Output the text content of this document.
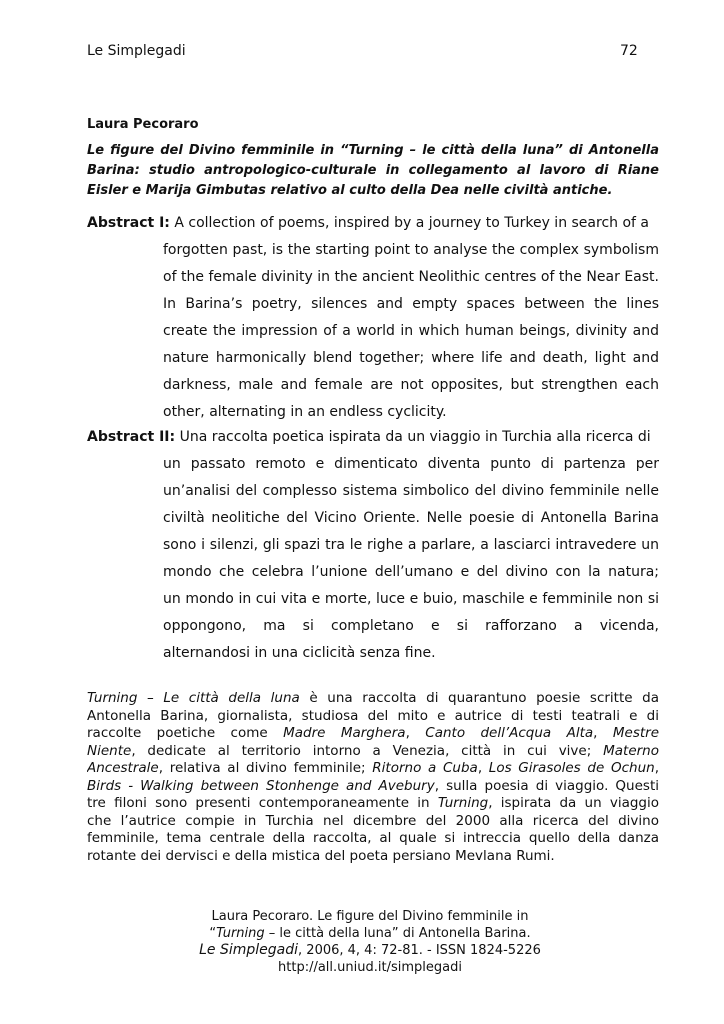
Le Simplegadi	72
Laura Pecoraro
Le figure del Divino femminile in “Turning – le città della luna” di Antonella Barina: studio antropologico-culturale in collegamento al lavoro di Riane Eisler e Marija Gimbutas relativo al culto della Dea nelle civiltà antiche.
Abstract I: A collection of poems, inspired by a journey to Turkey in search of a
forgotten past, is the starting point to analyse the complex symbolism
of the female divinity in the ancient Neolithic centres of the Near East.
In Barina’s poetry, silences and empty spaces between the lines
create the impression of a world in which human beings, divinity and
nature harmonically blend together; where life and death, light and
darkness, male and female are not opposites, but strengthen each
other, alternating in an endless cyclicity.
Abstract II: Una raccolta poetica ispirata da un viaggio in Turchia alla ricerca di
un passato remoto e dimenticato diventa punto di partenza per
un’analisi del complesso sistema simbolico del divino femminile nelle
civiltà neolitiche del Vicino Oriente. Nelle poesie di Antonella Barina
sono i silenzi, gli spazi tra le righe a parlare, a lasciarci intravedere un
mondo che celebra l’unione dell’umano e del divino con la natura;
un mondo in cui vita e morte, luce e buio, maschile e femminile non si
oppongono, ma si completano e si rafforzano a vicenda,
alternandosi in una ciclicità senza fine.
Turning – Le città della luna è una raccolta di quarantuno poesie scritte da
Antonella Barina, giornalista, studiosa del mito e autrice di testi teatrali e di
raccolte poetiche come Madre Marghera, Canto dell’Acqua Alta, Mestre
Niente, dedicate al territorio intorno a Venezia, città in cui vive; Materno
Ancestrale, relativa al divino femminile; Ritorno a Cuba, Los Girasoles de Ochun,
Birds - Walking between Stonhenge and Avebury, sulla poesia di viaggio. Questi
tre filoni sono presenti contemporaneamente in Turning, ispirata da un viaggio
che l’autrice compie in Turchia nel dicembre del 2000 alla ricerca del divino
femminile, tema centrale della raccolta, al quale si intreccia quello della danza
rotante dei dervisci e della mistica del poeta persiano Mevlana Rumi.
Laura Pecoraro. Le figure del Divino femminile in
“Turning – le città della luna” di Antonella Barina.
Le Simplegadi, 2006, 4, 4: 72-81. - ISSN 1824-5226
http://all.uniud.it/simplegadi
